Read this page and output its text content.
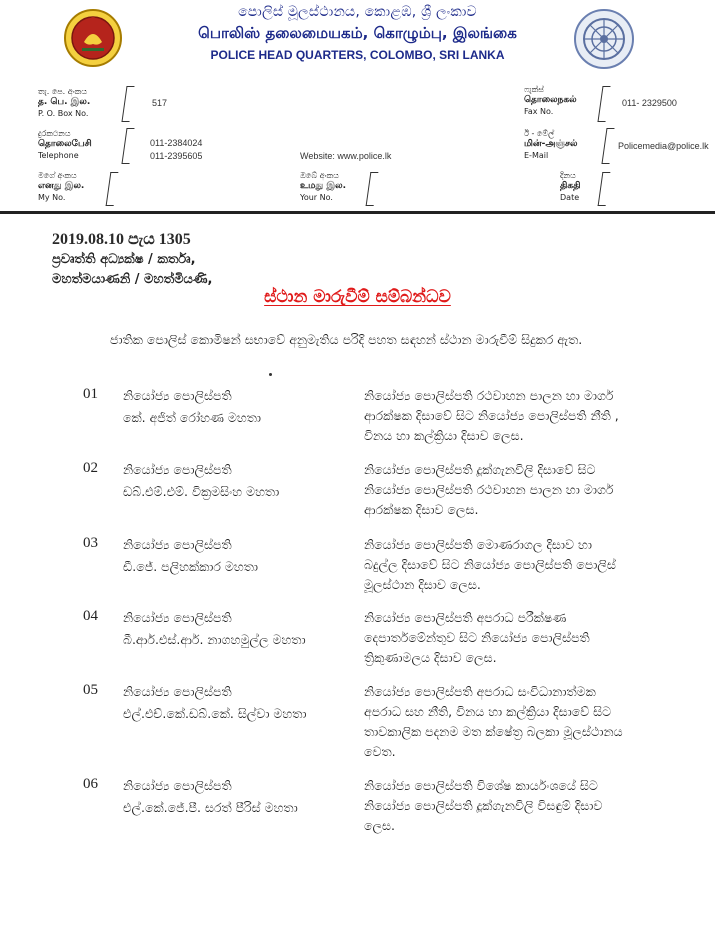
පොලිස් මූලස්ථානය, කොළඹ, ශ්‍රී ලංකාව
பொலிஸ் தலைமையகம், கொழும்பு, இலங்கை
POLICE HEAD QUARTERS, COLOMBO, SRI LANKA
තැ. පෙ. අංකය
த. பெ. இல.
P. O. Box No.
517
ෆැක්ස්
தொலைநகல்
Fax No.
011- 2329500
දුරකථනය
தொலைபேசி
Telephone
011-2384024
011-2395605	Website: www.police.lk
ඊ - මේල්
மின்-அஞ்சல்
E-Mail
Policemedia@police.lk
මගේ අංකය
எனது இல.
My No.
ඔබේ අංකය
உமது இல.
Your No.
දිනය
திகதி
Date
2019.08.10 පැය 1305
ප්‍රවෘත්ති අධ්‍යක්ෂ / කර්තෘ,
මහත්මයාණනි / මහත්මියණි,
ස්ථාන මාරුවීම් සම්බන්ධව
ජාතික පොලිස් කොමිෂන් සභාවේ අනුමැතිය පරිදි පහත සඳහන් ස්ථාන මාරුවීම් සිදුකර ඇත.
01 නියෝජ්‍ය පොලිස්පති
කේ. අජිත් රෝහණ මහතා
නියෝජ්‍ය පොලිස්පති රථවාහන පාලන හා මාර්ග
ආරක්ෂක දිසාවේ සිට නියෝජ්‍ය පොලිස්පති නීති ,
විනය හා කල්ක්‍රියා දිසාව ලෙස.
02 නියෝජ්‍ය පොලිස්පති
ඩබ්.එම්.එම්. වික්‍රමසිංහ මහතා
නියෝජ්‍ය පොලිස්පති දූක්ගැනවිලි දිසාවේ සිට
නියෝජ්‍ය පොලිස්පති රථවාහන පාලන හා මාර්ග
ආරක්ෂක දිසාව ලෙස.
03 නියෝජ්‍ය පොලිස්පති
ඩී.ජේ. පලිහක්කාර මහතා
නියෝජ්‍ය පොලිස්පති මොණරාගල දිසාව හා
බදුල්ල දිසාවේ සිට නියෝජ්‍ය පොලිස්පති පොලිස්
මූලස්ථාන දිසාව ලෙස.
04 නියෝජ්‍ය පොලිස්පති
බී.ආර්.එස්.ආර්. නාගහමුල්ල මහතා
නියෝජ්‍ය පොලිස්පති අපරාධ පරීක්ෂණ
දෙපාර්තමේන්තුව සිට නියෝජ්‍ය පොලිස්පති
ත්‍රිකුණාමලය දිසාව ලෙස.
05 නියෝජ්‍ය පොලිස්පති
එල්.එච්.කේ.ඩබ්.කේ. සිල්වා මහතා
නියෝජ්‍ය පොලිස්පති අපරාධ සංවිධානාත්මක
අපරාධ සහ නීති, විනය හා කල්ක්‍රියා දිසාවේ සිට
තාවකාලික පදනම මත ක්ෂේත්‍ර බලකා මූලස්ථානය
වෙත.
06 නියෝජ්‍ය පොලිස්පති
එල්.කේ.ජේ.පී. සරත් පීරිස් මහතා
නියෝජ්‍ය පොලිස්පති විශේෂ කාර්යංශයේ සිට
නියෝජ්‍ය පොලිස්පති දූක්ගැනවිලි විසඳුම් දිසාව
ලෙස.
